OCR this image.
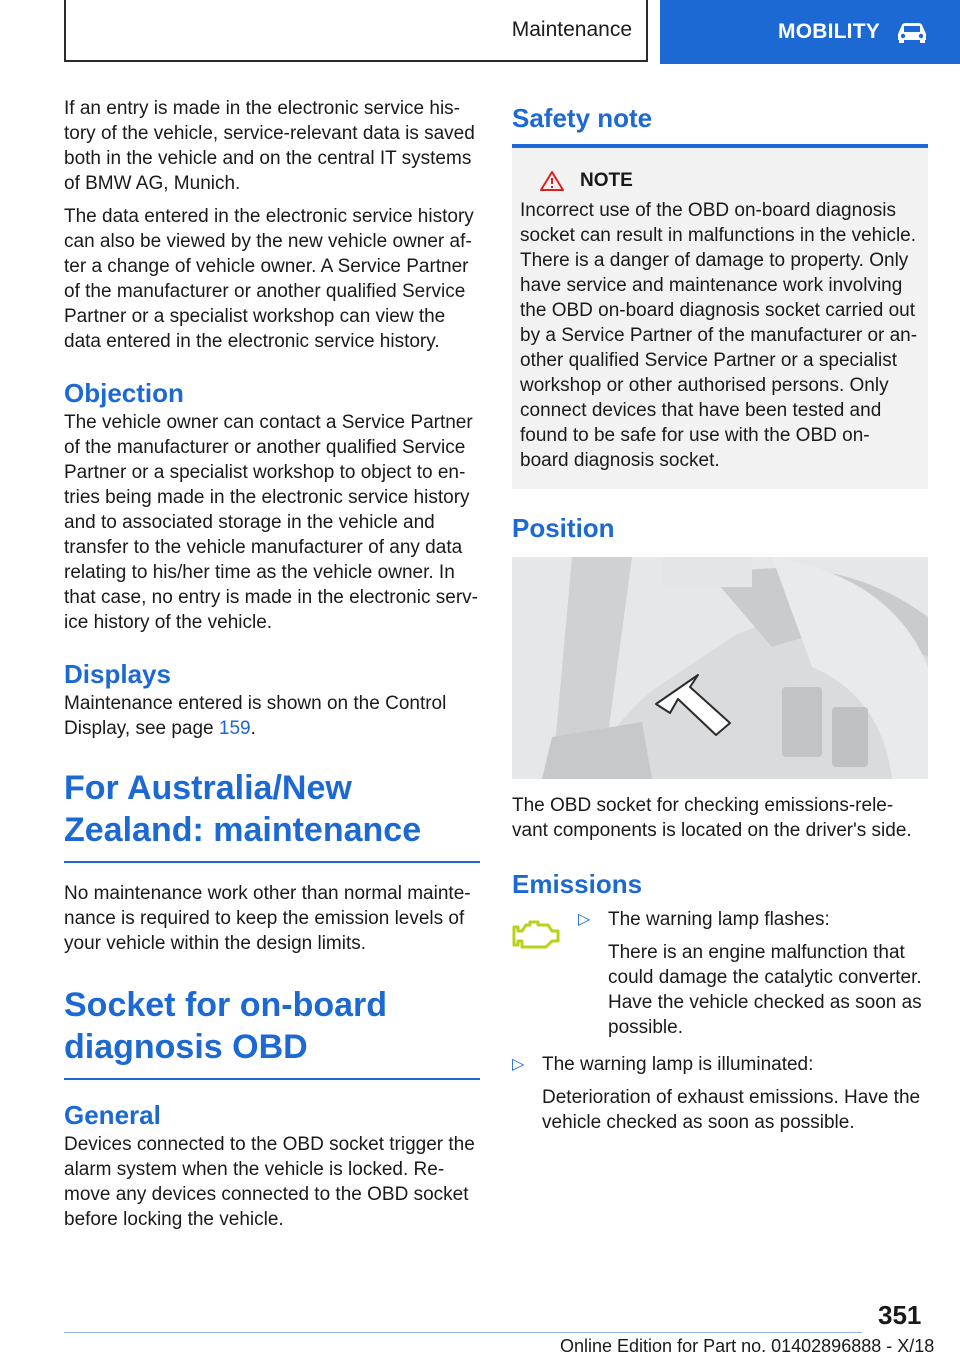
Maintenance	MOBILITY

If an entry is made in the electronic service his-tory of the vehicle, service-relevant data is saved both in the vehicle and on the central IT systems of BMW AG, Munich.

The data entered in the electronic service history can also be viewed by the new vehicle owner af-ter a change of vehicle owner. A Service Partner of the manufacturer or another qualified Service Partner or a specialist workshop can view the data entered in the electronic service history.

Objection

The vehicle owner can contact a Service Partner of the manufacturer or another qualified Service Partner or a specialist workshop to object to en-tries being made in the electronic service history and to associated storage in the vehicle and transfer to the vehicle manufacturer of any data relating to his/her time as the vehicle owner. In that case, no entry is made in the electronic serv-ice history of the vehicle.

Displays

Maintenance entered is shown on the Control Display, see page 159.

For Australia/New Zealand: maintenance

No maintenance work other than normal mainte-nance is required to keep the emission levels of your vehicle within the design limits.

Socket for on-board diagnosis OBD
General

Devices connected to the OBD socket trigger the alarm system when the vehicle is locked. Re-move any devices connected to the OBD socket before locking the vehicle.

Safety note
NOTE

Incorrect use of the OBD on-board diagnosis socket can result in malfunctions in the vehicle. There is a danger of damage to property. Only have service and maintenance work involving the OBD on-board diagnosis socket carried out by a Service Partner of the manufacturer or an-other qualified Service Partner or a specialist workshop or other authorised persons. Only connect devices that have been tested and found to be safe for use with the OBD on-board diagnosis socket.

Position

The OBD socket for checking emissions-rele-vant components is located on the driver's side.

Emissions
▷ The warning lamp flashes:

There is an engine malfunction that could damage the catalytic converter. Have the vehicle checked as soon as possible.

▷ The warning lamp is illuminated:

Deterioration of exhaust emissions. Have the vehicle checked as soon as possible.

351
Online Edition for Part no. 01402896888 - X/18
